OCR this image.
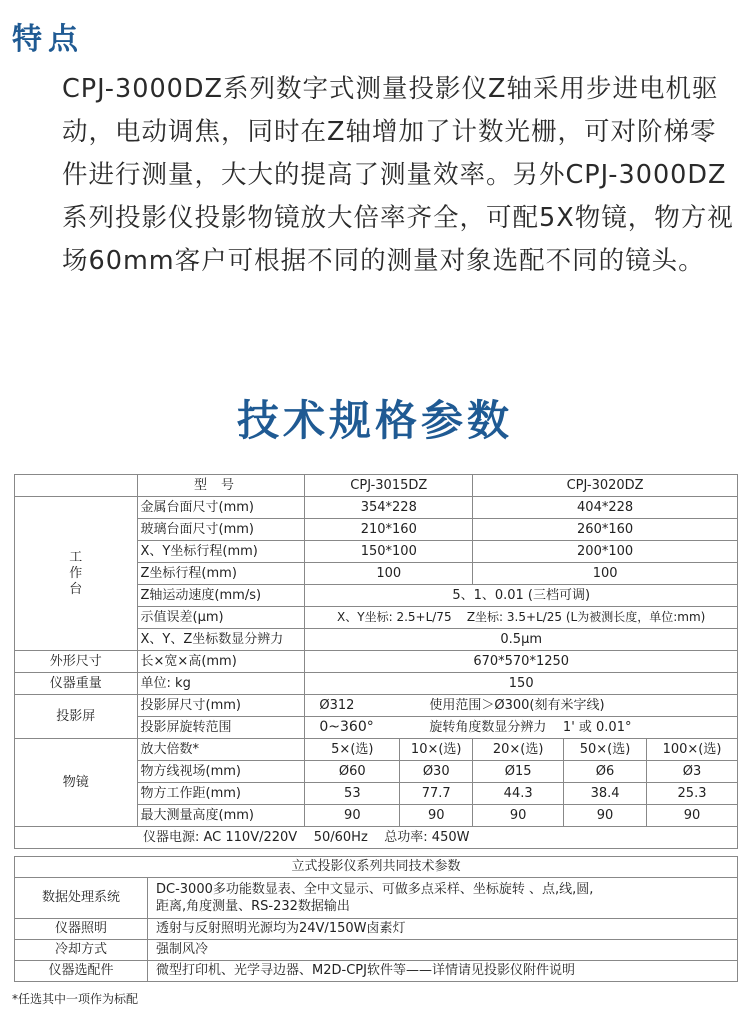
特点

CPJ-3000DZ系列数字式测量投影仪Z轴采用步进电机驱动，电动调焦，同时在Z轴增加了计数光栅，可对阶梯零件进行测量，大大的提高了测量效率。另外CPJ-3000DZ系列投影仪投影物镜放大倍率齐全，可配5X物镜，物方视场60mm客户可根据不同的测量对象选配不同的镜头。

技术规格参数
	型号	CPJ-3015DZ		CPJ-3020DZ		
工
作
台	金属台面尺寸(mm)	354*228		404*228		
	玻璃台面尺寸(mm)	210*160		260*160		
	X、Y坐标行程(mm)	150*100		200*100		
	Z坐标行程(mm)	100		100		
	Z轴运动速度(mm/s)	5、1、0.01 (三档可调)				
	示值误差(μm)	X、Y坐标: 2.5+L/75    Z坐标: 3.5+L/25 (L为被测长度，单位:mm)				
	X、Y、Z坐标数显分辨力	0.5μm				
外形尺寸	长×宽×高(mm)	670*570*1250				
仪器重量	单位: kg	150				
投影屏	投影屏尺寸(mm)	Ø312 使用范围＞Ø300(刻有米字线)				

	投影屏旋转范围	0~360° 旋转角度数显分辨力    1' 或 0.01°				

物镜	放大倍数*	5×(选)	10×(选)	20×(选)	50×(选)	100×(选)
	物方线视场(mm)	Ø60	Ø30	Ø15	Ø6	Ø3
	物方工作距(mm)	53	77.7	44.3	38.4	25.3
	最大测量高度(mm)	90	90	90	90	90
仪器电源: AC 110V/220V    50/60Hz    总功率: 450W						
立式投影仪系列共同技术参数	
数据处理系统	DC-3000多功能数显表、全中文显示、可做多点采样、坐标旋转 、点,线,圆,
距离,角度测量、RS-232数据输出
仪器照明	透射与反射照明光源均为24V/150W卤素灯
冷却方式	强制风冷
仪器选配件	微型打印机、光学寻边器、M2D-CPJ软件等——详情请见投影仪附件说明

*任选其中一项作为标配
